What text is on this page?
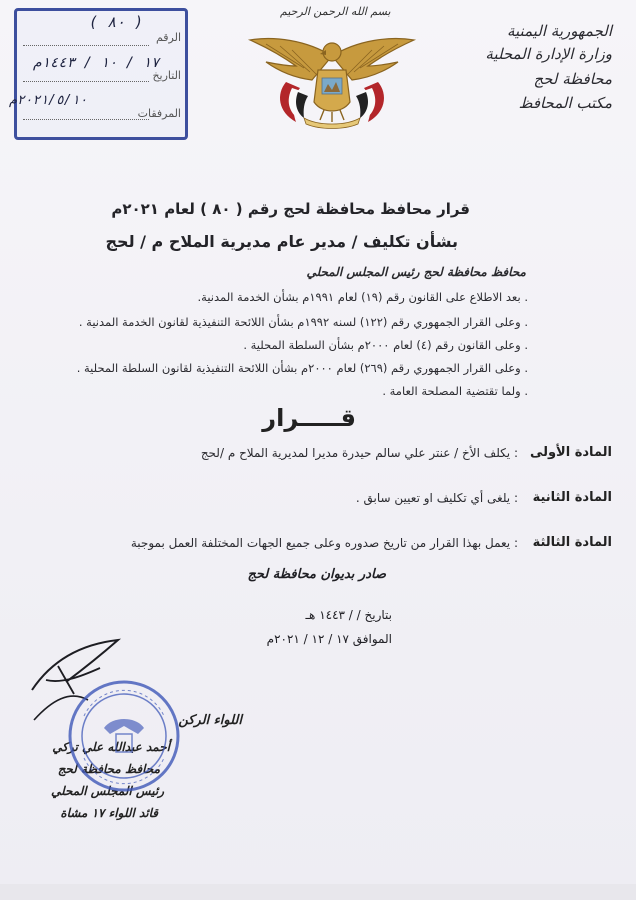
الجمهورية اليمنية
وزارة الإدارة المحلية
محافظة لحج
مكتب المحافظ
بسم الله الرحمن الرحيم
الرقم
التاريخ
المرفقات
( ٨٠ )
١٧ / ١٠ / ١٤٤٣م
٢٠٢١/٥/١٠م
قرار محافظ محافظة لحج رقم ( ٨٠ ) لعام ٢٠٢١م
بشأن تكليف / مدير عام مديرية الملاح م / لحج
محافظ محافظة لحج رئيس المجلس المحلي
. بعد الاطلاع على القانون رقم (١٩) لعام ١٩٩١م بشأن الخدمة المدنية.
. وعلى القرار الجمهوري رقم (١٢٢) لسنه ١٩٩٢م بشأن اللائحة التنفيذية لقانون الخدمة المدنية .
. وعلى القانون رقم (٤) لعام ٢٠٠٠م بشأن السلطة المحلية .
. وعلى القرار الجمهوري رقم (٢٦٩) لعام ٢٠٠٠م بشأن اللائحة التنفيذية لقانون السلطة المحلية .
. ولما تقتضية المصلحة العامة .
قـــــرار
المادة الأولى
: يكلف الأخ / عنتر علي سالم حيدرة مديرا لمديرية الملاح م /لحج
المادة الثانية
: يلغى أي تكليف او تعيين سابق .
المادة الثالثة
: يعمل بهذا القرار من تاريخ صدوره وعلى جميع الجهات المختلفة العمل بموجبة
صادر بديوان محافظة لحج
بتاريخ / / ١٤٤٣ هـ
الموافق ١٧ / ١٢ / ٢٠٢١م
اللواء الركن
أحمد عبدالله علي تركي
محافظ محافظة لحج
رئيس المجلس المحلي
قائد اللواء ١٧ مشاة
